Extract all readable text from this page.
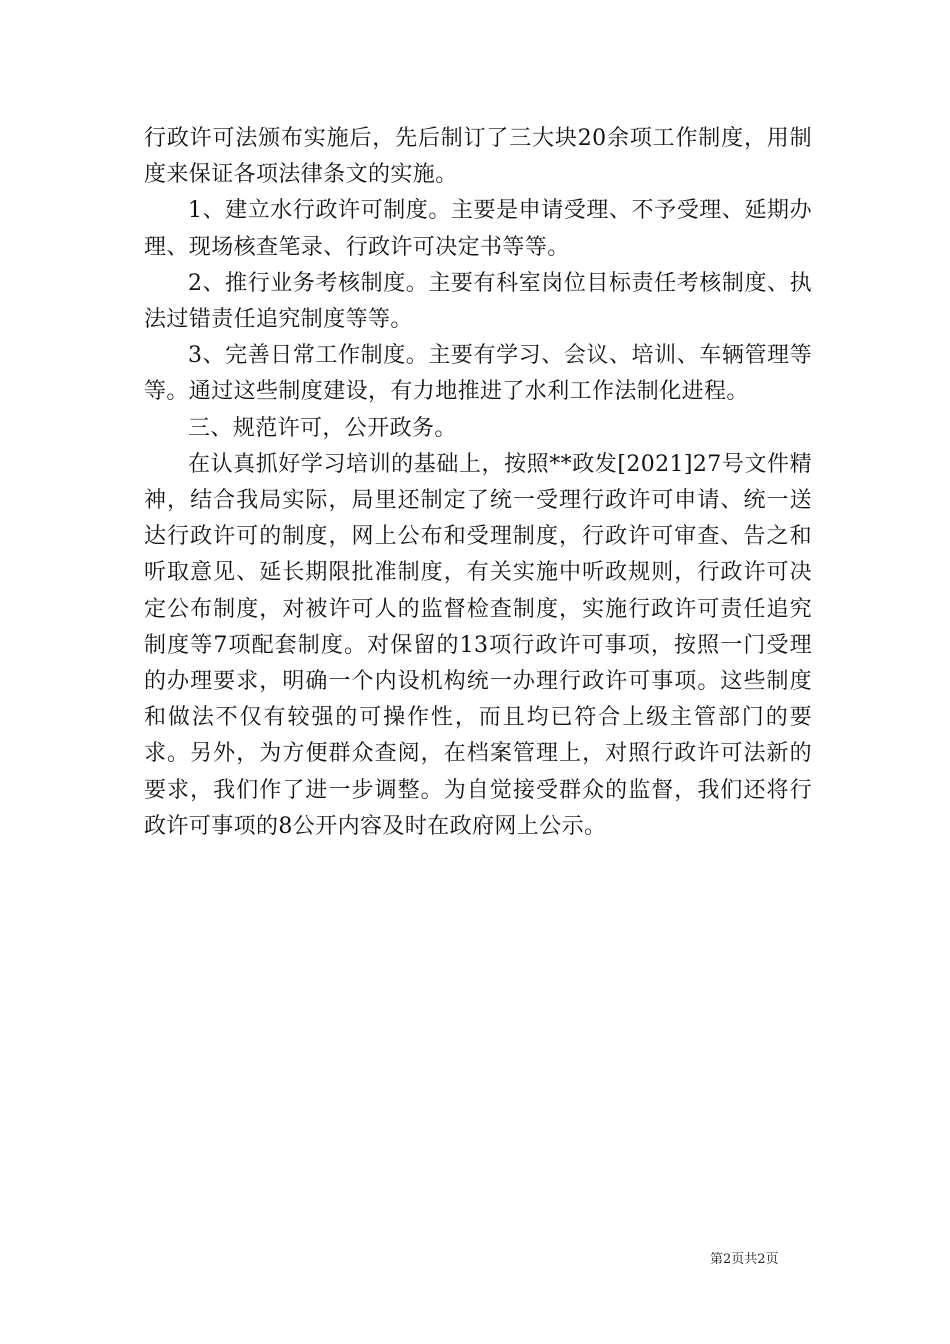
行政许可法颁布实施后，先后制订了三大块20余项工作制度，用制度来保证各项法律条文的实施。

1、建立水行政许可制度。主要是申请受理、不予受理、延期办理、现场核查笔录、行政许可决定书等等。

2、推行业务考核制度。主要有科室岗位目标责任考核制度、执法过错责任追究制度等等。

3、完善日常工作制度。主要有学习、会议、培训、车辆管理等等。通过这些制度建设，有力地推进了水利工作法制化进程。

三、规范许可，公开政务。

在认真抓好学习培训的基础上，按照**政发[2021]27号文件精神，结合我局实际，局里还制定了统一受理行政许可申请、统一送达行政许可的制度，网上公布和受理制度，行政许可审查、告之和听取意见、延长期限批准制度，有关实施中听政规则，行政许可决定公布制度，对被许可人的监督检查制度，实施行政许可责任追究制度等7项配套制度。对保留的13项行政许可事项，按照一门受理的办理要求，明确一个内设机构统一办理行政许可事项。这些制度和做法不仅有较强的可操作性，而且均已符合上级主管部门的要求。另外，为方便群众查阅，在档案管理上，对照行政许可法新的要求，我们作了进一步调整。为自觉接受群众的监督，我们还将行政许可事项的8公开内容及时在政府网上公示。

第2页共2页
